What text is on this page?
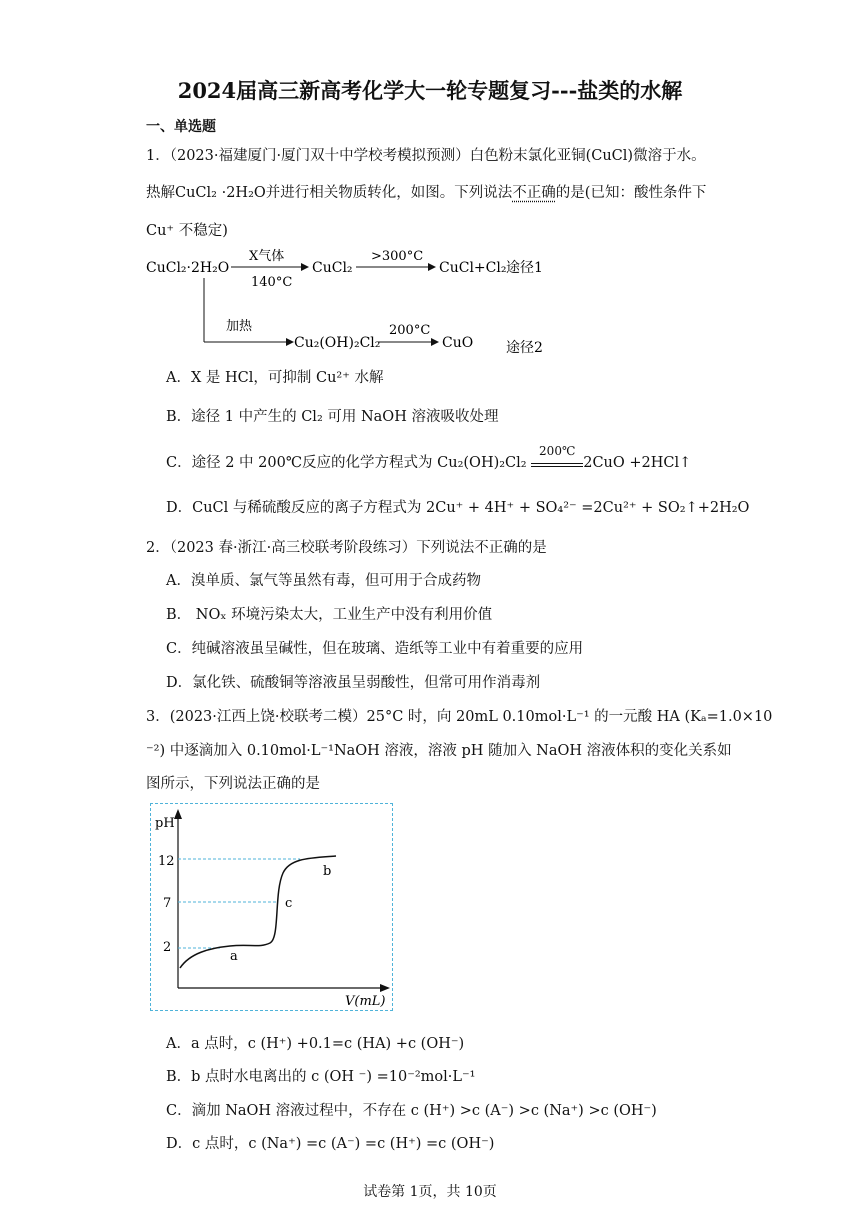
2024届高三新高考化学大一轮专题复习---盐类的水解
一、单选题
1．（2023·福建厦门·厦门双十中学校考模拟预测）白色粉末氯化亚铜(CuCl)微溶于水。
热解CuCl₂ ·2H₂O并进行相关物质转化，如图。下列说法不正确的是(已知：酸性条件下
Cu⁺ 不稳定)
CuCl₂·2H₂O
X气体
140°C
CuCl₂
>300°C
CuCl+Cl₂ 途径1
加热
Cu₂(OH)₂Cl₂
200°C
CuO 途径2
A．X 是 HCl，可抑制 Cu²⁺ 水解
B．途径 1 中产生的 Cl₂ 可用 NaOH 溶液吸收处理
C．途径 2 中 200℃反应的化学方程式为 Cu₂(OH)₂Cl₂
200℃
2CuO +2HCl↑
D．CuCl 与稀硫酸反应的离子方程式为 2Cu⁺ + 4H⁺ + SO₄²⁻ =2Cu²⁺ + SO₂↑+2H₂O
2．（2023 春·浙江·高三校联考阶段练习）下列说法不正确的是
A．溴单质、氯气等虽然有毒，但可用于合成药物
B． NOₓ 环境污染太大，工业生产中没有利用价值
C．纯碱溶液虽呈碱性，但在玻璃、造纸等工业中有着重要的应用
D．氯化铁、硫酸铜等溶液虽呈弱酸性，但常可用作消毒剂
3．(2023·江西上饶·校联考二模）25°C 时，向 20mL 0.10mol·L⁻¹ 的一元酸 HA (Kₐ=1.0×10
⁻²) 中逐滴加入 0.10mol·L⁻¹NaOH 溶液，溶液 pH 随加入 NaOH 溶液体积的变化关系如
图所示，下列说法正确的是
pH
V(mL)
12
7
2
a
b
c
A．a 点时，c (H⁺) +0.1=c (HA) +c (OH⁻)
B．b 点时水电离出的 c (OH ⁻) =10⁻²mol·L⁻¹
C．滴加 NaOH 溶液过程中，不存在 c (H⁺) >c (A⁻) >c (Na⁺) >c (OH⁻)
D．c 点时，c (Na⁺) =c (A⁻) =c (H⁺) =c (OH⁻)
试卷第 1页，共 10页
